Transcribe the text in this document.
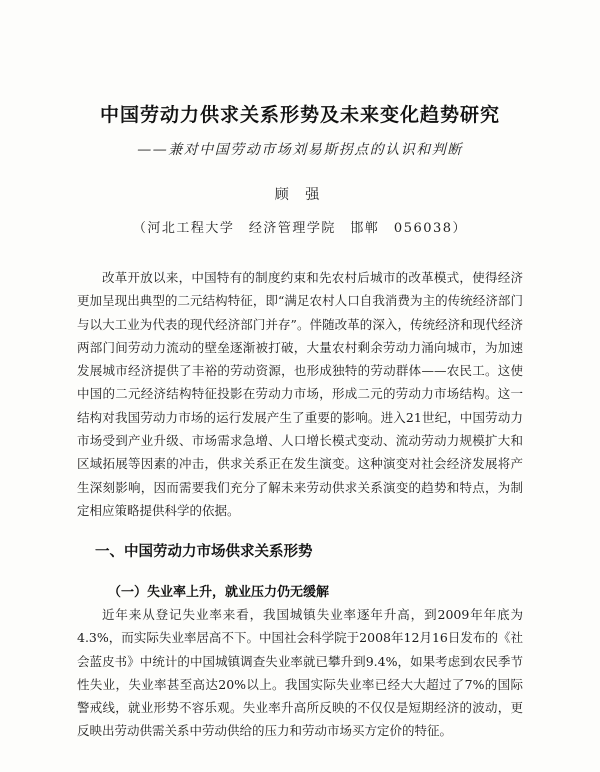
中国劳动力供求关系形势及未来变化趋势研究
——兼对中国劳动市场刘易斯拐点的认识和判断
顾 强
（河北工程大学　经济管理学院　邯郸　056038）

改革开放以来，中国特有的制度约束和先农村后城市的改革模式，使得经济更加呈现出典型的二元结构特征，即“满足农村人口自我消费为主的传统经济部门与以大工业为代表的现代经济部门并存”。伴随改革的深入，传统经济和现代经济两部门间劳动力流动的壁垒逐渐被打破，大量农村剩余劳动力涌向城市，为加速发展城市经济提供了丰裕的劳动资源，也形成独特的劳动群体——农民工。这使中国的二元经济结构特征投影在劳动力市场，形成二元的劳动力市场结构。这一结构对我国劳动力市场的运行发展产生了重要的影响。进入21世纪，中国劳动力市场受到产业升级、市场需求急增、人口增长模式变动、流动劳动力规模扩大和区域拓展等因素的冲击，供求关系正在发生演变。这种演变对社会经济发展将产生深刻影响，因而需要我们充分了解未来劳动供求关系演变的趋势和特点，为制定相应策略提供科学的依据。

一、中国劳动力市场供求关系形势
（一）失业率上升，就业压力仍无缓解

近年来从登记失业率来看，我国城镇失业率逐年升高，到2009年年底为4.3%，而实际失业率居高不下。中国社会科学院于2008年12月16日发布的《社会蓝皮书》中统计的中国城镇调查失业率就已攀升到9.4%，如果考虑到农民季节性失业，失业率甚至高达20%以上。我国实际失业率已经大大超过了7%的国际警戒线，就业形势不容乐观。失业率升高所反映的不仅仅是短期经济的波动，更反映出劳动供需关系中劳动供给的压力和劳动市场买方定价的特征。
